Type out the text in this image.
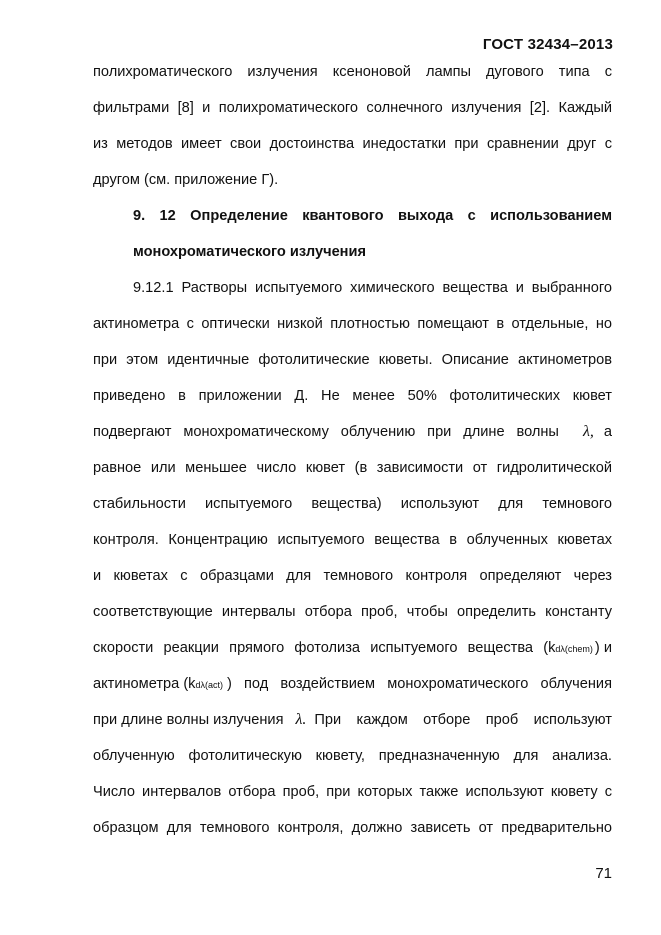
ГОСТ 32434–2013
полихроматического излучения ксеноновой лампы дугового типа с
фильтрами [8] и полихроматического солнечного излучения [2]. Каждый
из методов имеет свои достоинства инедостатки при сравнении друг с
другом (см. приложение Г).
9. 12 Определение квантового выхода с использованием
монохроматического излучения
9.12.1 Растворы испытуемого химического вещества и выбранного
актинометра с оптически низкой плотностью помещают в отдельные, но
при этом идентичные фотолитические кюветы. Описание актинометров
приведено в приложении Д. Не менее 50% фотолитических кювет
подвергают монохроматическому облучению при длине волны λ, а
равное или меньшее число кювет (в зависимости от гидролитической
стабильности испытуемого вещества) используют для темнового
контроля. Концентрацию испытуемого вещества в облученных кюветах
и кюветах с образцами для темнового контроля определяют через
соответствующие интервалы отбора проб, чтобы определить константу
скорости реакции прямого фотолиза испытуемого вещества (k dλ(chem) ) и
актинометра (k dλ(act) ) под воздействием монохроматического облучения
при длине волны излучения λ. При каждом отборе проб используют
облученную фотолитическую кювету, предназначенную для анализа.
Число интервалов отбора проб, при которых также используют кювету с
образцом для темнового контроля, должно зависеть от предварительно
71
